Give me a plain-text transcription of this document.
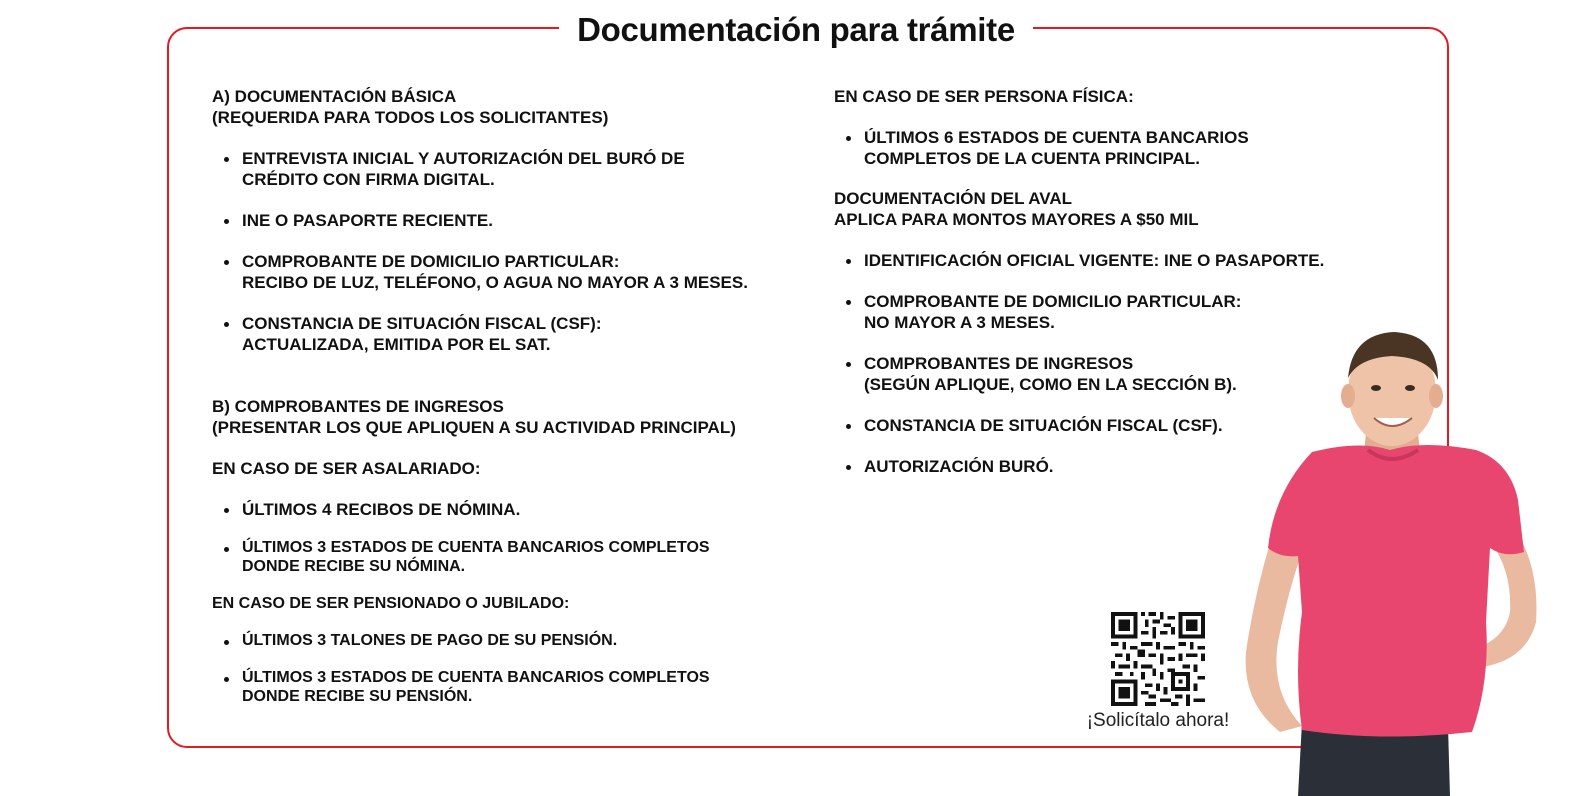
Documentación para trámite
A) DOCUMENTACIÓN BÁSICA
(REQUERIDA PARA TODOS LOS SOLICITANTES)
ENTREVISTA INICIAL Y AUTORIZACIÓN DEL BURÓ DE
CRÉDITO CON FIRMA DIGITAL.
INE O PASAPORTE RECIENTE.
COMPROBANTE DE DOMICILIO PARTICULAR:
RECIBO DE LUZ, TELÉFONO, O AGUA NO MAYOR A 3 MESES.
CONSTANCIA DE SITUACIÓN FISCAL (CSF):
ACTUALIZADA, EMITIDA POR EL SAT.
B) COMPROBANTES DE INGRESOS
(PRESENTAR LOS QUE APLIQUEN A SU ACTIVIDAD PRINCIPAL)
EN CASO DE SER ASALARIADO:
ÚLTIMOS 4 RECIBOS DE NÓMINA.
ÚLTIMOS 3 ESTADOS DE CUENTA BANCARIOS COMPLETOS
DONDE RECIBE SU NÓMINA.
EN CASO DE SER PENSIONADO O JUBILADO:
ÚLTIMOS 3 TALONES DE PAGO DE SU PENSIÓN.
ÚLTIMOS 3 ESTADOS DE CUENTA BANCARIOS COMPLETOS
DONDE RECIBE SU PENSIÓN.
EN CASO DE SER PERSONA FÍSICA:
ÚLTIMOS 6 ESTADOS DE CUENTA BANCARIOS
COMPLETOS DE LA CUENTA PRINCIPAL.
DOCUMENTACIÓN DEL AVAL
APLICA PARA MONTOS MAYORES A $50 MIL
IDENTIFICACIÓN OFICIAL VIGENTE: INE O PASAPORTE.
COMPROBANTE DE DOMICILIO PARTICULAR:
NO MAYOR A 3 MESES.
COMPROBANTES DE INGRESOS
(SEGÚN APLIQUE, COMO EN LA SECCIÓN B).
CONSTANCIA DE SITUACIÓN FISCAL (CSF).
AUTORIZACIÓN BURÓ.
¡Solicítalo ahora!
